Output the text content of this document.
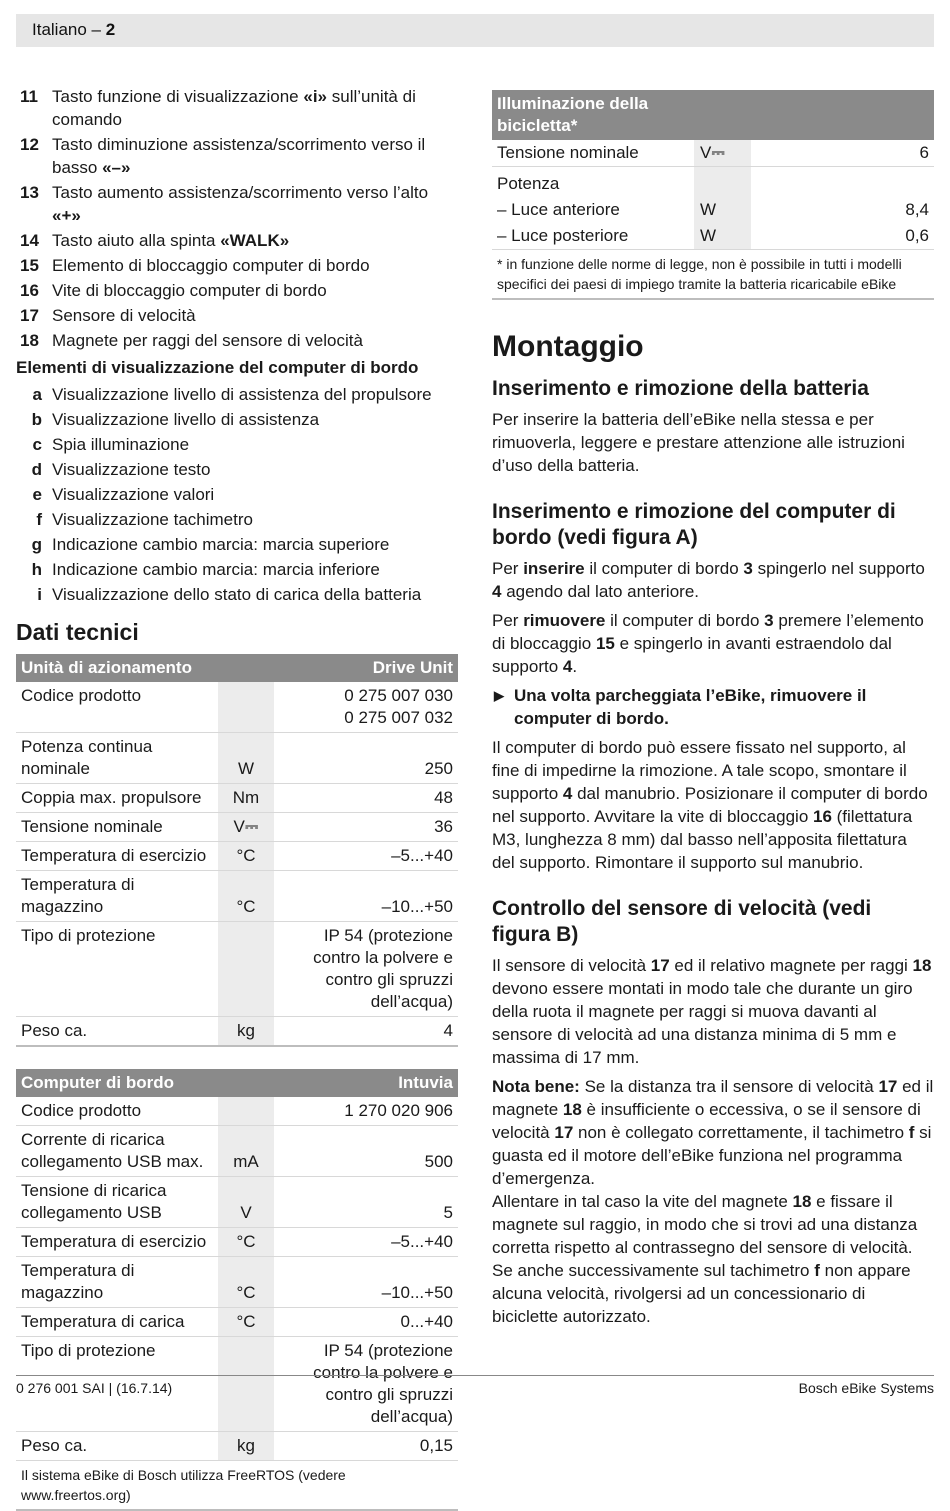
Italiano – 2
11 Tasto funzione di visualizzazione «i» sull’unità di comando
12 Tasto diminuzione assistenza/scorrimento verso il basso «–»
13 Tasto aumento assistenza/scorrimento verso l’alto «+»
14 Tasto aiuto alla spinta «WALK»
15 Elemento di bloccaggio computer di bordo
16 Vite di bloccaggio computer di bordo
17 Sensore di velocità
18 Magnete per raggi del sensore di velocità
Elementi di visualizzazione del computer di bordo
a Visualizzazione livello di assistenza del propulsore
b Visualizzazione livello di assistenza
c Spia illuminazione
d Visualizzazione testo
e Visualizzazione valori
f Visualizzazione tachimetro
g Indicazione cambio marcia: marcia superiore
h Indicazione cambio marcia: marcia inferiore
i Visualizzazione dello stato di carica della batteria
Dati tecnici
Unità di azionamento		Drive Unit
Codice prodotto		0 275 007 030
0 275 007 032
Potenza continua nominale	W	250
Coppia max. propulsore	Nm	48
Tensione nominale	V⎓	36
Temperatura di esercizio	°C	–5...+40
Temperatura di magazzino	°C	–10...+50
Tipo di protezione		IP 54 (protezione contro la polvere e contro gli spruzzi dell’acqua)
Peso ca.	kg	4
Computer di bordo		Intuvia
Codice prodotto		1 270 020 906
Corrente di ricarica collegamento USB max.	mA	500
Tensione di ricarica collegamento USB	V	5
Temperatura di esercizio	°C	–5...+40
Temperatura di magazzino	°C	–10...+50
Temperatura di carica	°C	0...+40
Tipo di protezione		IP 54 (protezione contro la polvere e contro gli spruzzi dell’acqua)
Peso ca.	kg	0,15
Il sistema eBike di Bosch utilizza FreeRTOS (vedere www.freertos.org)
Illuminazione della bicicletta*		
Tensione nominale	V⎓	6
Potenza		
– Luce anteriore	W	8,4
– Luce posteriore	W	0,6
* in funzione delle norme di legge, non è possibile in tutti i modelli specifici dei paesi di impiego tramite la batteria ricaricabile eBike
Montaggio
Inserimento e rimozione della batteria

Per inserire la batteria dell’eBike nella stessa e per rimuoverla, leggere e prestare attenzione alle istruzioni d’uso della batteria.

Inserimento e rimozione del computer di bordo (vedi figura A)

Per inserire il computer di bordo 3 spingerlo nel supporto 4 agendo dal lato anteriore.

Per rimuovere il computer di bordo 3 premere l’elemento di bloccaggio 15 e spingerlo in avanti estraendolo dal supporto 4.

▶ Una volta parcheggiata l’eBike, rimuovere il computer di bordo.

Il computer di bordo può essere fissato nel supporto, al fine di impedirne la rimozione. A tale scopo, smontare il supporto 4 dal manubrio. Posizionare il computer di bordo nel supporto. Avvitare la vite di bloccaggio 16 (filettatura M3, lunghezza 8 mm) dal basso nell’apposita filettatura del supporto. Rimontare il supporto sul manubrio.

Controllo del sensore di velocità (vedi figura B)

Il sensore di velocità 17 ed il relativo magnete per raggi 18 devono essere montati in modo tale che durante un giro della ruota il magnete per raggi si muova davanti al sensore di velocità ad una distanza minima di 5 mm e massima di 17 mm.

Nota bene: Se la distanza tra il sensore di velocità 17 ed il magnete 18 è insufficiente o eccessiva, o se il sensore di velocità 17 non è collegato correttamente, il tachimetro f si guasta ed il motore dell’eBike funziona nel programma d’emergenza.

Allentare in tal caso la vite del magnete 18 e fissare il magnete sul raggio, in modo che si trovi ad una distanza corretta rispetto al contrassegno del sensore di velocità. Se anche successivamente sul tachimetro f non appare alcuna velocità, rivolgersi ad un concessionario di biciclette autorizzato.

0 276 001 SAI | (16.7.14)	Bosch eBike Systems
